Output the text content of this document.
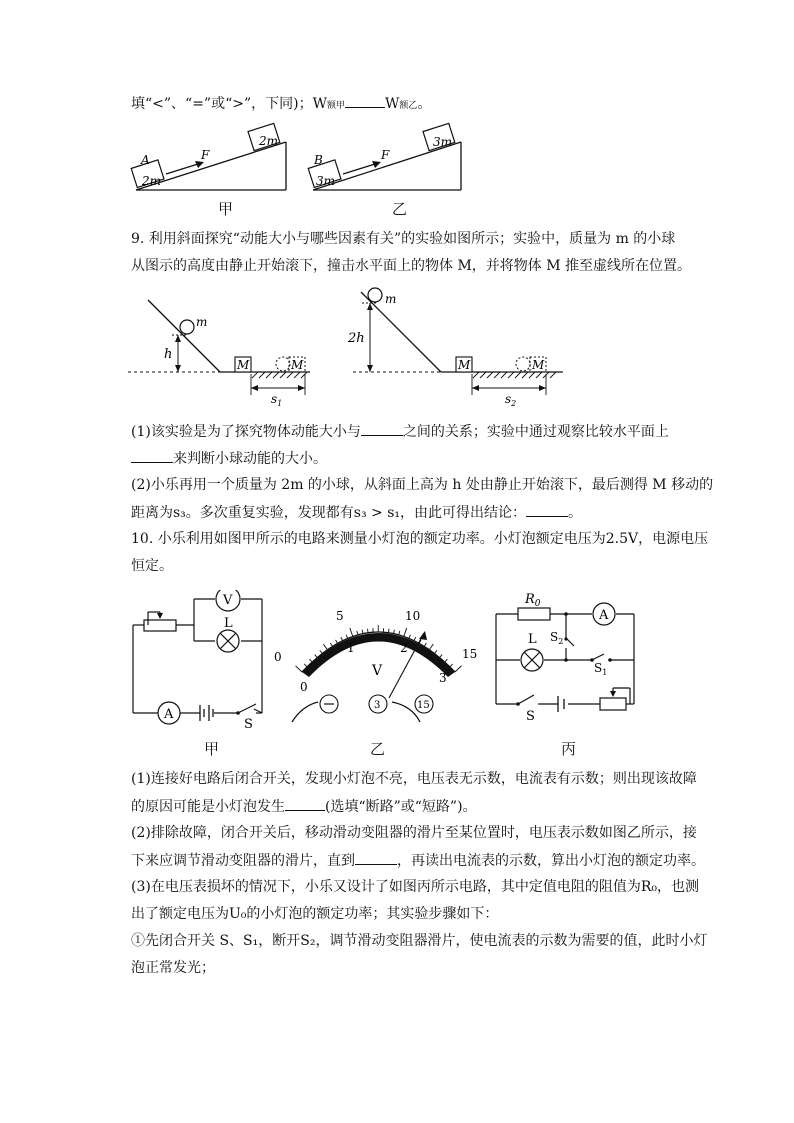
填“<”、“=”或“>”，下同)；W额甲	W额乙。
A
2m
F
2m
甲
B
3m
F
3m
乙
9. 利用斜面探究“动能大小与哪些因素有关”的实验如图所示；实验中，质量为 m 的小球
从图示的高度由静止开始滚下，撞击水平面上的物体 M，并将物体 M 推至虚线所在位置。
m
h
M	M
$s_1$
m
2h
M	M
$s_2$
(1)该实验是为了探究物体动能大小与	之间的关系；实验中通过观察比较水平面上
来判断小球动能的大小。
(2)小乐再用一个质量为 2m 的小球，从斜面上高为 h 处由静止开始滚下，最后测得 M 移动的
距离为s₃。多次重复实验，发现都有s₃ > s₁，由此可得出结论：	。
10. 小乐利用如图甲所示的电路来测量小灯泡的额定功率。小灯泡额定电压为2.5V，电源电压
恒定。
V
L
A
S
甲
0
5	10
15
0
1	2
3
V
3	15
乙
$R_0$
A
L $S_2$
$S_1$
S
丙
(1)连接好电路后闭合开关，发现小灯泡不亮，电压表无示数，电流表有示数；则出现该故障
的原因可能是小灯泡发生	(选填“断路”或“短路”)。
(2)排除故障，闭合开关后，移动滑动变阻器的滑片至某位置时，电压表示数如图乙所示，接
下来应调节滑动变阻器的滑片，直到	，再读出电流表的示数，算出小灯泡的额定功率。
(3)在电压表损坏的情况下，小乐又设计了如图丙所示电路，其中定值电阻的阻值为R₀，也测
出了额定电压为U₀的小灯泡的额定功率；其实验步骤如下：
①先闭合开关 S、S₁，断开S₂，调节滑动变阻器滑片，使电流表的示数为需要的值，此时小灯
泡正常发光；
